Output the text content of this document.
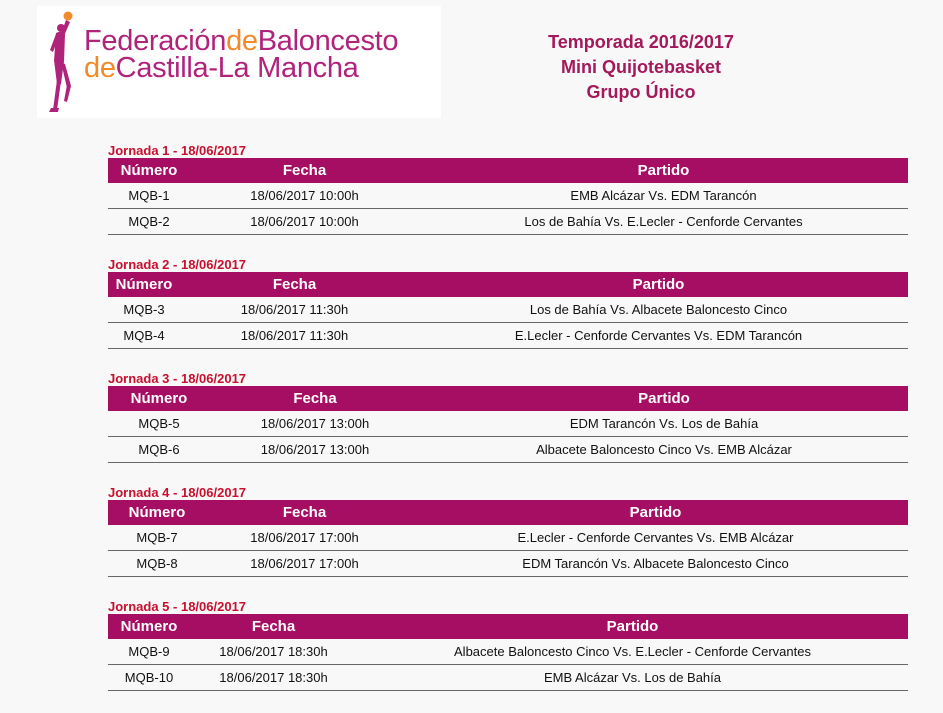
FederacióndeBaloncesto
deCastilla-La Mancha
Temporada 2016/2017
Mini Quijotebasket
Grupo Único
Jornada 1 - 18/06/2017
Número	Fecha	Partido
MQB-1	18/06/2017 10:00h	EMB Alcázar Vs. EDM Tarancón
MQB-2	18/06/2017 10:00h	Los de Bahía Vs. E.Lecler - Cenforde Cervantes
Jornada 2 - 18/06/2017
Número	Fecha	Partido
MQB-3	18/06/2017 11:30h	Los de Bahía Vs. Albacete Baloncesto Cinco
MQB-4	18/06/2017 11:30h	E.Lecler - Cenforde Cervantes Vs. EDM Tarancón
Jornada 3 - 18/06/2017
Número	Fecha	Partido
MQB-5	18/06/2017 13:00h	EDM Tarancón Vs. Los de Bahía
MQB-6	18/06/2017 13:00h	Albacete Baloncesto Cinco Vs. EMB Alcázar
Jornada 4 - 18/06/2017
Número	Fecha	Partido
MQB-7	18/06/2017 17:00h	E.Lecler - Cenforde Cervantes Vs. EMB Alcázar
MQB-8	18/06/2017 17:00h	EDM Tarancón Vs. Albacete Baloncesto Cinco
Jornada 5 - 18/06/2017
Número	Fecha	Partido
MQB-9	18/06/2017 18:30h	Albacete Baloncesto Cinco Vs. E.Lecler - Cenforde Cervantes
MQB-10	18/06/2017 18:30h	EMB Alcázar Vs. Los de Bahía
